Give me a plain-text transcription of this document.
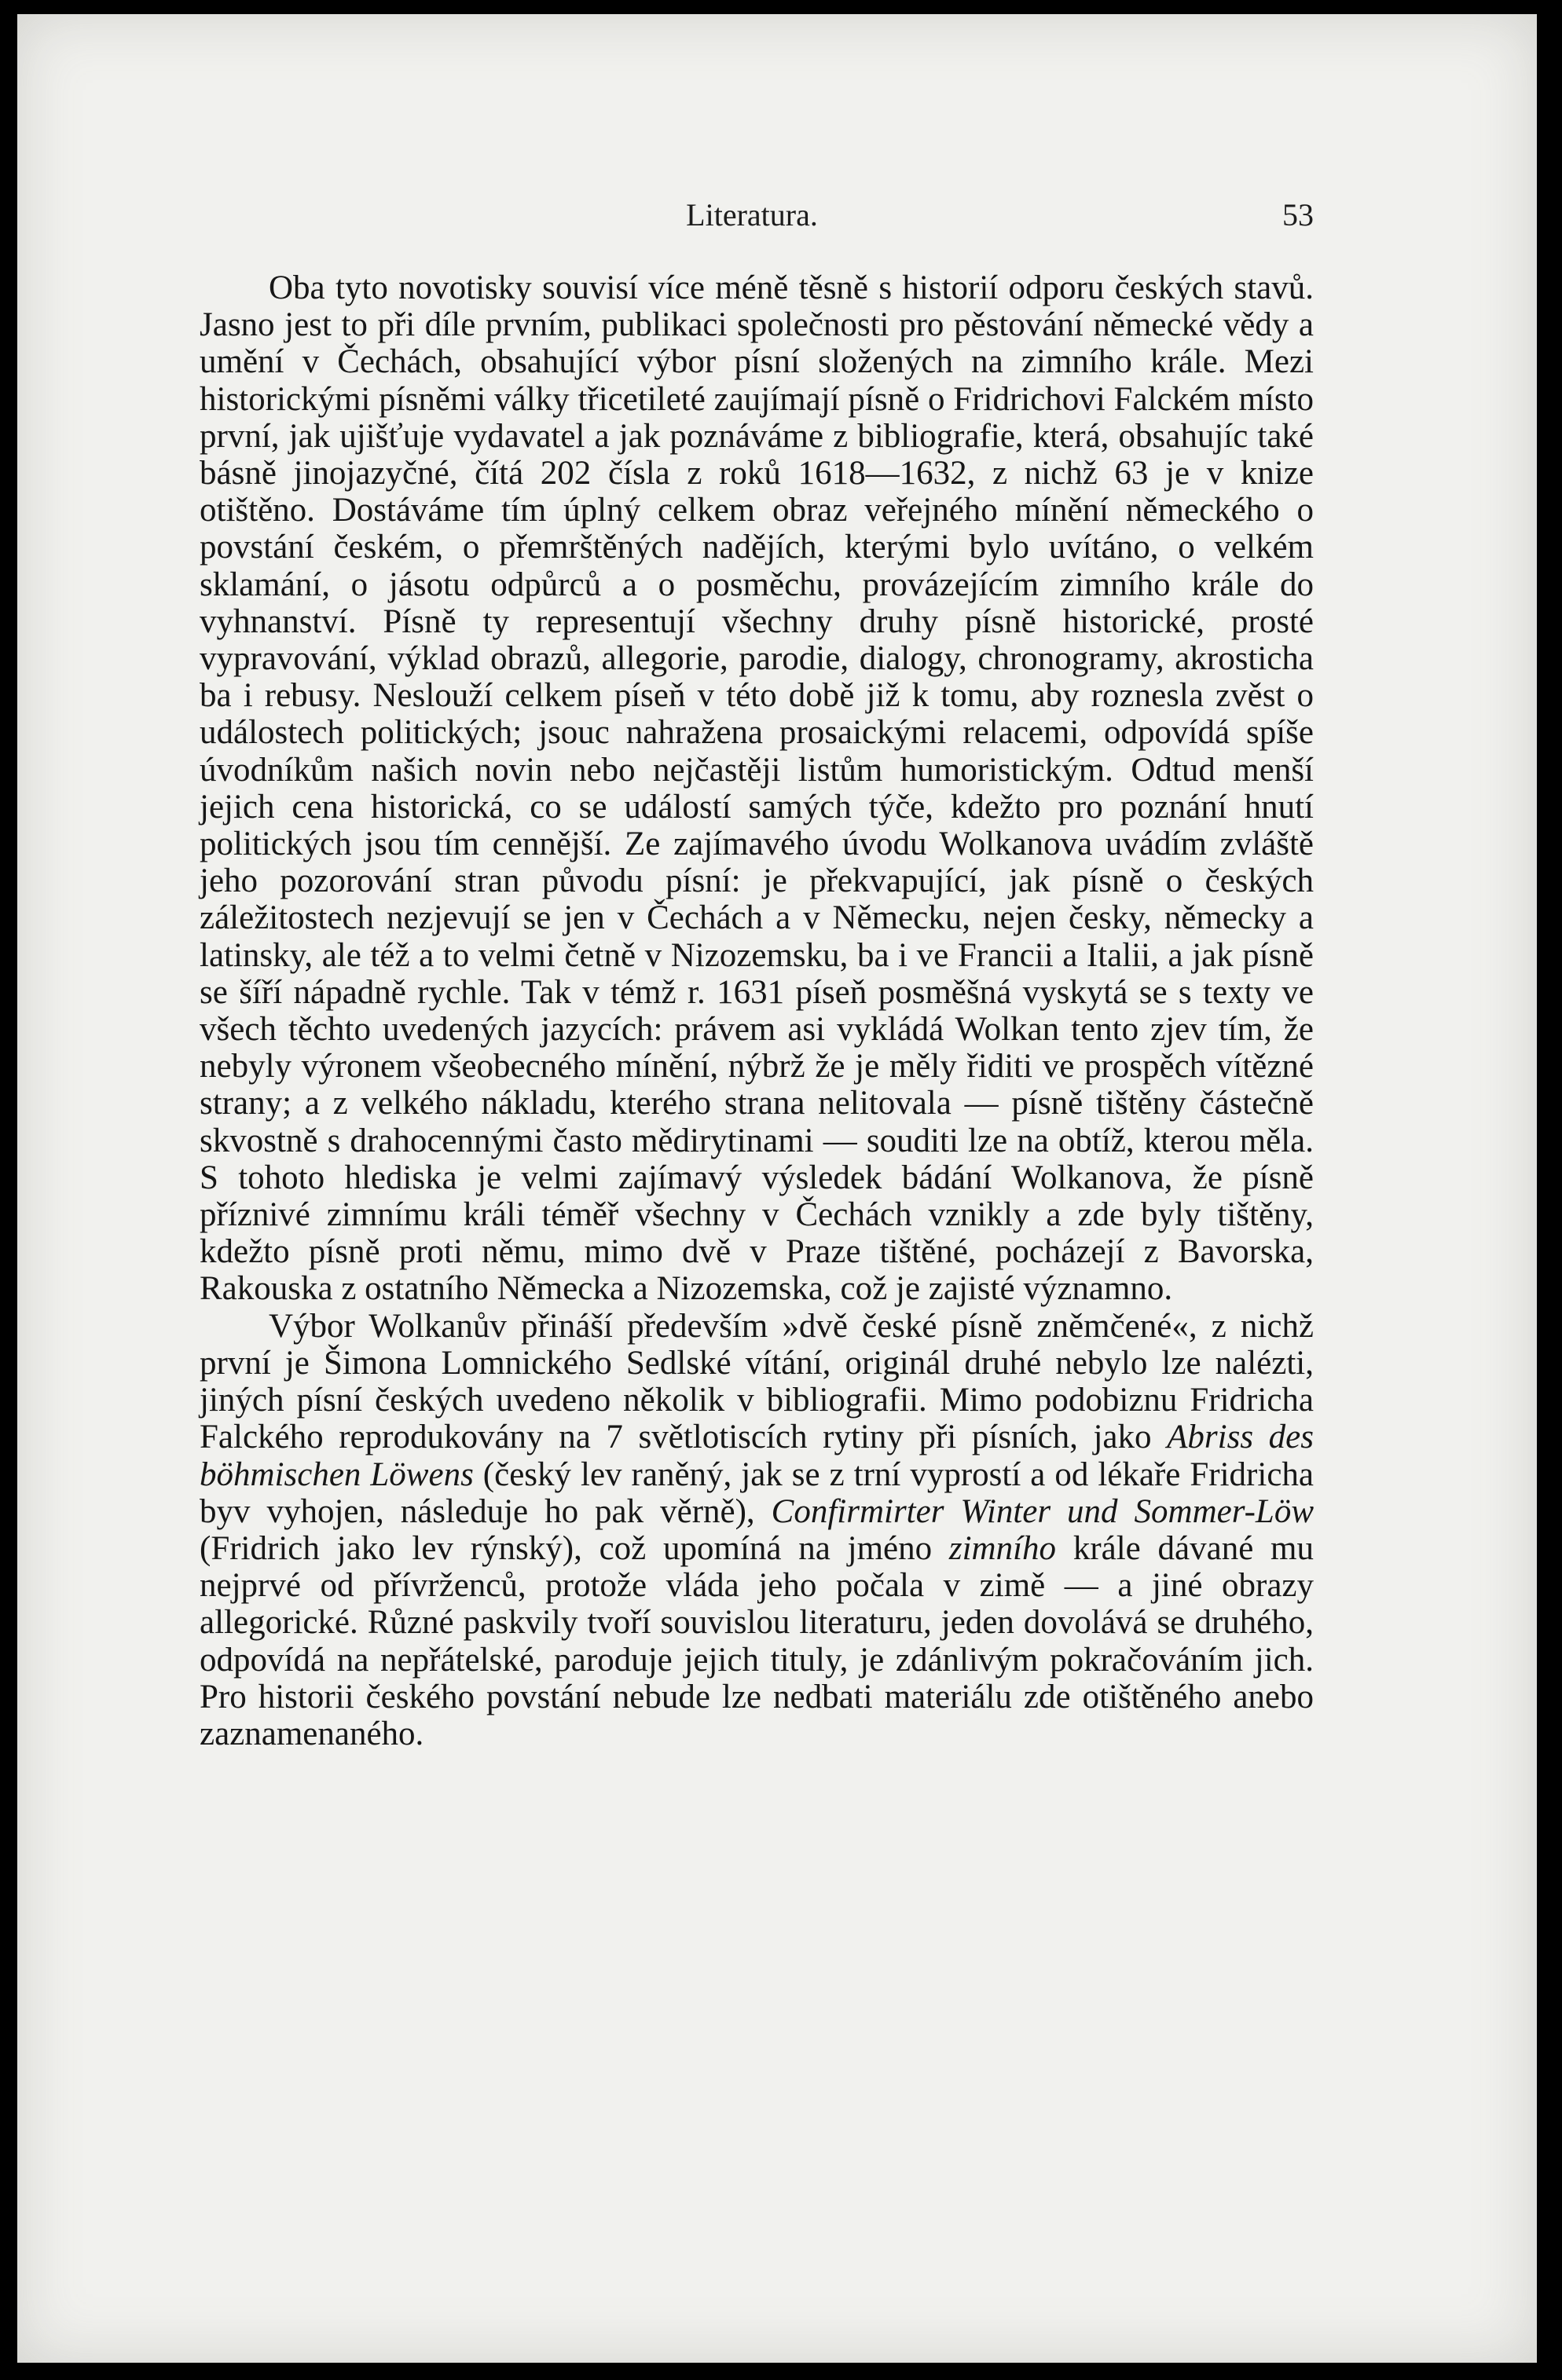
Literatura.	53

Oba tyto novotisky souvisí více méně těsně s historií odporu českých stavů. Jasno jest to při díle prvním, publikaci společnosti pro pěstování německé vědy a umění v Čechách, obsahující výbor písní složených na zimního krále. Mezi historickými písněmi války třicetileté zaujímají písně o Fridrichovi Falckém místo první, jak ujišťuje vydavatel a jak poznáváme z bibliografie, která, obsahujíc také básně jinojazyčné, čítá 202 čísla z roků 1618—1632, z nichž 63 je v knize otištěno. Dostáváme tím úplný celkem obraz veřejného mínění německého o povstání českém, o přemrštěných nadějích, kterými bylo uvítáno, o velkém sklamání, o jásotu odpůrců a o posměchu, provázejícím zimního krále do vyhnanství. Písně ty representují všechny druhy písně historické, prosté vypravování, výklad obrazů, allegorie, parodie, dialogy, chronogramy, akrosticha ba i rebusy. Neslouží celkem píseň v této době již k tomu, aby roznesla zvěst o událostech politických; jsouc nahražena prosaickými relacemi, odpovídá spíše úvodníkům našich novin nebo nejčastěji listům humoristickým. Odtud menší jejich cena historická, co se událostí samých týče, kdežto pro poznání hnutí politických jsou tím cennější. Ze zajímavého úvodu Wolkanova uvádím zvláště jeho pozorování stran původu písní: je překvapující, jak písně o českých záležitostech nezjevují se jen v Čechách a v Německu, nejen česky, německy a latinsky, ale též a to velmi četně v Nizozemsku, ba i ve Francii a Italii, a jak písně se šíří nápadně rychle. Tak v témž r. 1631 píseň posměšná vyskytá se s texty ve všech těchto uvedených jazycích: právem asi vykládá Wolkan tento zjev tím, že nebyly výronem všeobecného mínění, nýbrž že je měly řiditi ve prospěch vítězné strany; a z velkého nákladu, kterého strana nelitovala — písně tištěny částečně skvostně s drahocennými často mědirytinami — souditi lze na obtíž, kterou měla. S tohoto hlediska je velmi zajímavý výsledek bádání Wolkanova, že písně příznivé zimnímu králi téměř všechny v Čechách vznikly a zde byly tištěny, kdežto písně proti němu, mimo dvě v Praze tištěné, pocházejí z Bavorska, Rakouska z ostatního Německa a Nizozemska, což je zajisté významno.

Výbor Wolkanův přináší především »dvě české písně zněmčené«, z nichž první je Šimona Lomnického Sedlské vítání, originál druhé nebylo lze nalézti, jiných písní českých uvedeno několik v bibliografii. Mimo podobiznu Fridricha Falckého reprodukovány na 7 světlotiscích rytiny při písních, jako Abriss des böhmischen Löwens (český lev raněný, jak se z trní vyprostí a od lékaře Fridricha byv vyhojen, následuje ho pak věrně), Confirmirter Winter und Sommer-Löw (Fridrich jako lev rýnský), což upomíná na jméno zimního krále dávané mu nejprvé od přívrženců, protože vláda jeho počala v zimě — a jiné obrazy allegorické. Různé paskvily tvoří souvislou literaturu, jeden dovolává se druhého, odpovídá na nepřátelské, paroduje jejich tituly, je zdánlivým pokračováním jich. Pro historii českého povstání nebude lze nedbati materiálu zde otištěného anebo zaznamenaného.
